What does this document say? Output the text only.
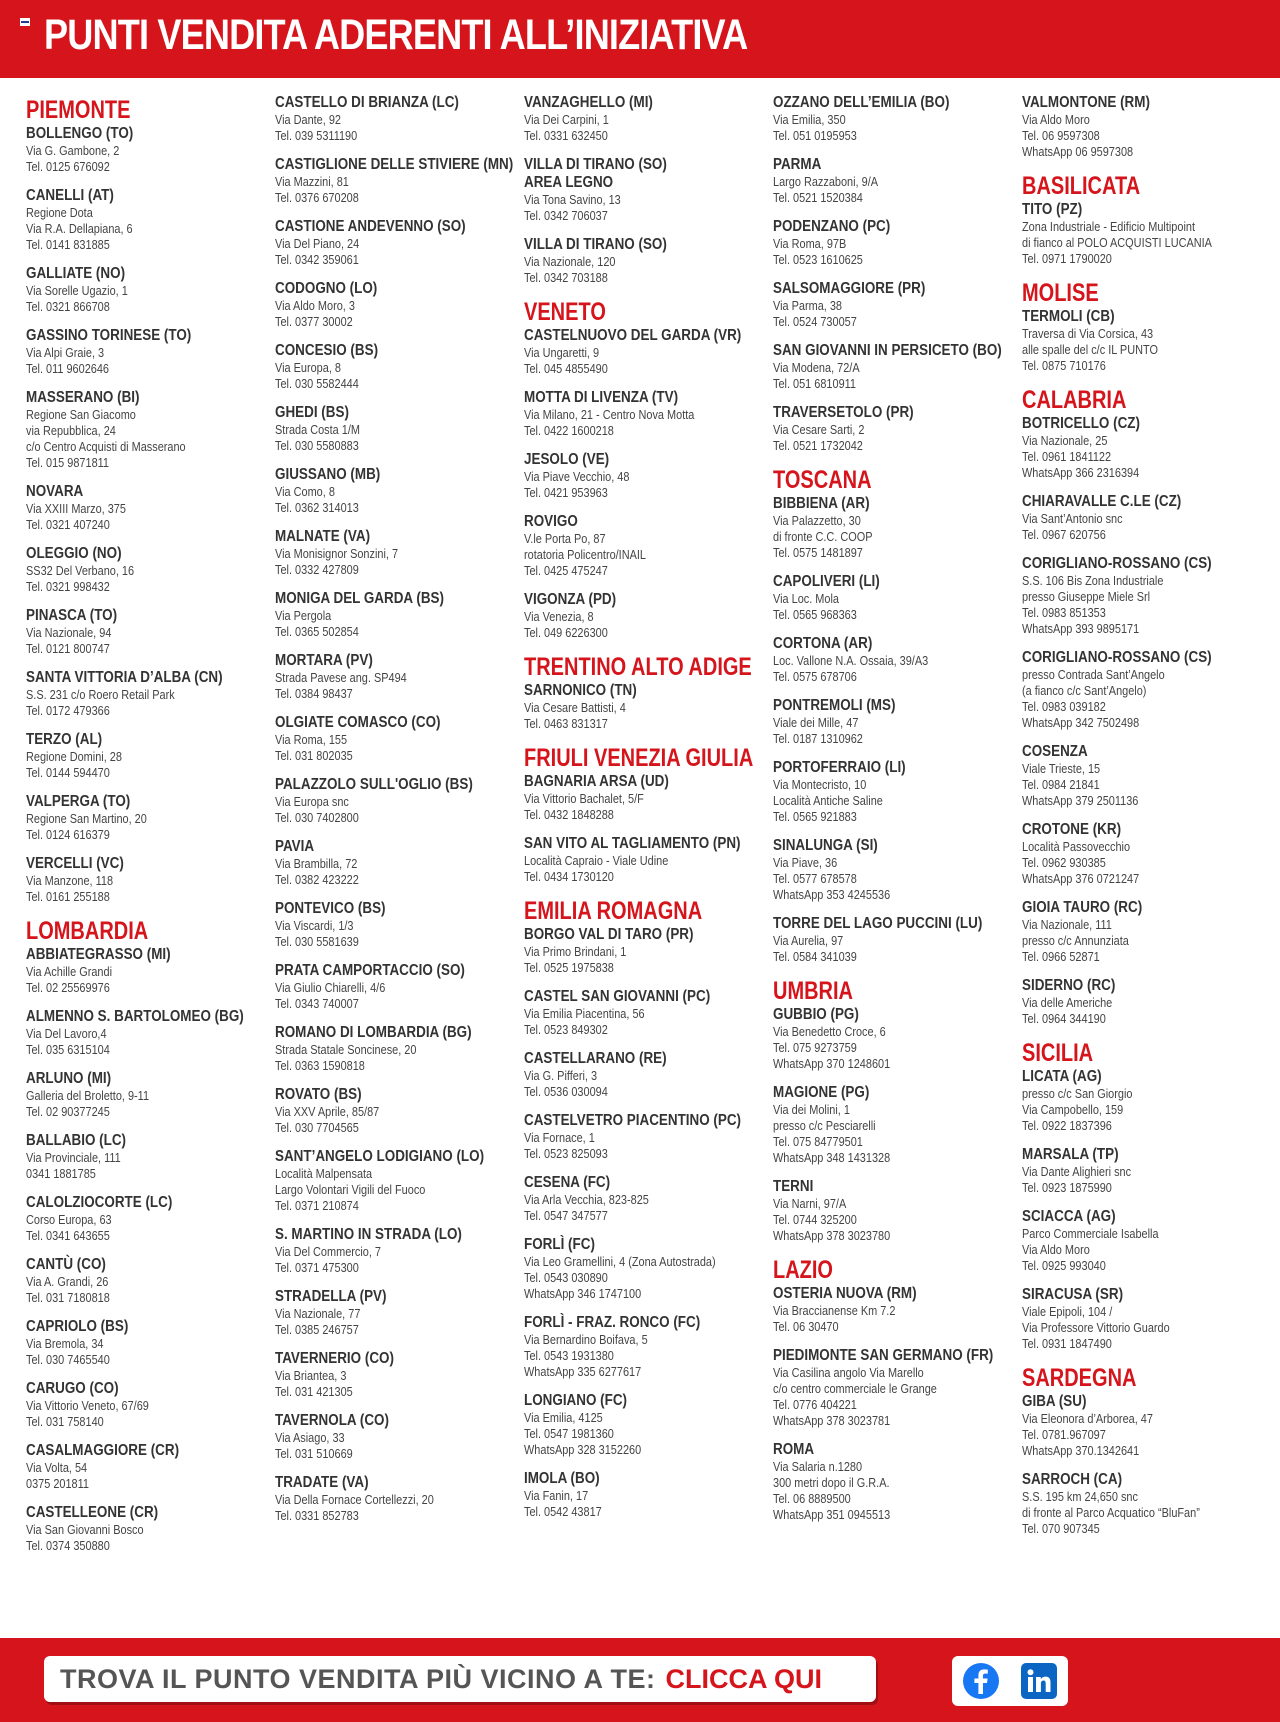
PUNTI VENDITA ADERENTI ALL’INIZIATIVA
PIEMONTE
BOLLENGO (TO)
Via G. Gambone, 2
Tel. 0125 676092
CANELLI (AT)
Regione Dota
Via R.A. Dellapiana, 6
Tel. 0141 831885
GALLIATE (NO)
Via Sorelle Ugazio, 1
Tel. 0321 866708
GASSINO TORINESE (TO)
Via Alpi Graie, 3
Tel. 011 9602646
MASSERANO (BI)
Regione San Giacomo
via Repubblica, 24
c/o Centro Acquisti di Masserano
Tel. 015 9871811
NOVARA
Via XXIII Marzo, 375
Tel. 0321 407240
OLEGGIO (NO)
SS32 Del Verbano, 16
Tel. 0321 998432
PINASCA (TO)
Via Nazionale, 94
Tel. 0121 800747
SANTA VITTORIA D’ALBA (CN)
S.S. 231 c/o Roero Retail Park
Tel. 0172 479366
TERZO (AL)
Regione Domini, 28
Tel. 0144 594470
VALPERGA (TO)
Regione San Martino, 20
Tel. 0124 616379
VERCELLI (VC)
Via Manzone, 118
Tel. 0161 255188
LOMBARDIA
ABBIATEGRASSO (MI)
Via Achille Grandi
Tel. 02 25569976
ALMENNO S. BARTOLOMEO (BG)
Via Del Lavoro,4
Tel. 035 6315104
ARLUNO (MI)
Galleria del Broletto, 9-11
Tel. 02 90377245
BALLABIO (LC)
Via Provinciale, 111
0341 1881785
CALOLZIOCORTE (LC)
Corso Europa, 63
Tel. 0341 643655
CANTÙ (CO)
Via A. Grandi, 26
Tel. 031 7180818
CAPRIOLO (BS)
Via Bremola, 34
Tel. 030 7465540
CARUGO (CO)
Via Vittorio Veneto, 67/69
Tel. 031 758140
CASALMAGGIORE (CR)
Via Volta, 54
0375 201811
CASTELLEONE (CR)
Via San Giovanni Bosco
Tel. 0374 350880
CASTELLO DI BRIANZA (LC)
Via Dante, 92
Tel. 039 5311190
CASTIGLIONE DELLE STIVIERE (MN)
Via Mazzini, 81
Tel. 0376 670208
CASTIONE ANDEVENNO (SO)
Via Del Piano, 24
Tel. 0342 359061
CODOGNO (LO)
Via Aldo Moro, 3
Tel. 0377 30002
CONCESIO (BS)
Via Europa, 8
Tel. 030 5582444
GHEDI (BS)
Strada Costa 1/M
Tel. 030 5580883
GIUSSANO (MB)
Via Como, 8
Tel. 0362 314013
MALNATE (VA)
Via Monisignor Sonzini, 7
Tel. 0332 427809
MONIGA DEL GARDA (BS)
Via Pergola
Tel. 0365 502854
MORTARA (PV)
Strada Pavese ang. SP494
Tel. 0384 98437
OLGIATE COMASCO (CO)
Via Roma, 155
Tel. 031 802035
PALAZZOLO SULL'OGLIO (BS)
Via Europa snc
Tel. 030 7402800
PAVIA
Via Brambilla, 72
Tel. 0382 423222
PONTEVICO (BS)
Via Viscardi, 1/3
Tel. 030 5581639
PRATA CAMPORTACCIO (SO)
Via Giulio Chiarelli, 4/6
Tel. 0343 740007
ROMANO DI LOMBARDIA (BG)
Strada Statale Soncinese, 20
Tel. 0363 1590818
ROVATO (BS)
Via XXV Aprile, 85/87
Tel. 030 7704565
SANT’ANGELO LODIGIANO (LO)
Località Malpensata
Largo Volontari Vigili del Fuoco
Tel. 0371 210874
S. MARTINO IN STRADA (LO)
Via Del Commercio, 7
Tel. 0371 475300
STRADELLA (PV)
Via Nazionale, 77
Tel. 0385 246757
TAVERNERIO (CO)
Via Briantea, 3
Tel. 031 421305
TAVERNOLA (CO)
Via Asiago, 33
Tel. 031 510669
TRADATE (VA)
Via Della Fornace Cortellezzi, 20
Tel. 0331 852783
VANZAGHELLO (MI)
Via Dei Carpini, 1
Tel. 0331 632450
VILLA DI TIRANO (SO)
AREA LEGNO
Via Tona Savino, 13
Tel. 0342 706037
VILLA DI TIRANO (SO)
Via Nazionale, 120
Tel. 0342 703188
VENETO
CASTELNUOVO DEL GARDA (VR)
Via Ungaretti, 9
Tel. 045 4855490
MOTTA DI LIVENZA (TV)
Via Milano, 21 - Centro Nova Motta
Tel. 0422 1600218
JESOLO (VE)
Via Piave Vecchio, 48
Tel. 0421 953963
ROVIGO
V.le Porta Po, 87
rotatoria Policentro/INAIL
Tel. 0425 475247
VIGONZA (PD)
Via Venezia, 8
Tel. 049 6226300
TRENTINO ALTO ADIGE
SARNONICO (TN)
Via Cesare Battisti, 4
Tel. 0463 831317
FRIULI VENEZIA GIULIA
BAGNARIA ARSA (UD)
Via Vittorio Bachalet, 5/F
Tel. 0432 1848288
SAN VITO AL TAGLIAMENTO (PN)
Località Capraio - Viale Udine
Tel. 0434 1730120
EMILIA ROMAGNA
BORGO VAL DI TARO (PR)
Via Primo Brindani, 1
Tel. 0525 1975838
CASTEL SAN GIOVANNI (PC)
Via Emilia Piacentina, 56
Tel. 0523 849302
CASTELLARANO (RE)
Via G. Pifferi, 3
Tel. 0536 030094
CASTELVETRO PIACENTINO (PC)
Via Fornace, 1
Tel. 0523 825093
CESENA (FC)
Via Arla Vecchia, 823-825
Tel. 0547 347577
FORLÌ (FC)
Via Leo Gramellini, 4 (Zona Autostrada)
Tel. 0543 030890
WhatsApp 346 1747100
FORLÌ - FRAZ. RONCO (FC)
Via Bernardino Boifava, 5
Tel. 0543 1931380
WhatsApp 335 6277617
LONGIANO (FC)
Via Emilia, 4125
Tel. 0547 1981360
WhatsApp 328 3152260
IMOLA (BO)
Via Fanin, 17
Tel. 0542 43817
OZZANO DELL’EMILIA (BO)
Via Emilia, 350
Tel. 051 0195953
PARMA
Largo Razzaboni, 9/A
Tel. 0521 1520384
PODENZANO (PC)
Via Roma, 97B
Tel. 0523 1610625
SALSOMAGGIORE (PR)
Via Parma, 38
Tel. 0524 730057
SAN GIOVANNI IN PERSICETO (BO)
Via Modena, 72/A
Tel. 051 6810911
TRAVERSETOLO (PR)
Via Cesare Sarti, 2
Tel. 0521 1732042
TOSCANA
BIBBIENA (AR)
Via Palazzetto, 30
di fronte C.C. COOP
Tel. 0575 1481897
CAPOLIVERI (LI)
Via Loc. Mola
Tel. 0565 968363
CORTONA (AR)
Loc. Vallone N.A. Ossaia, 39/A3
Tel. 0575 678706
PONTREMOLI (MS)
Viale dei Mille, 47
Tel. 0187 1310962
PORTOFERRAIO (LI)
Via Montecristo, 10
Località Antiche Saline
Tel. 0565 921883
SINALUNGA (SI)
Via Piave, 36
Tel. 0577 678578
WhatsApp 353 4245536
TORRE DEL LAGO PUCCINI (LU)
Via Aurelia, 97
Tel. 0584 341039
UMBRIA
GUBBIO (PG)
Via Benedetto Croce, 6
Tel. 075 9273759
WhatsApp 370 1248601
MAGIONE (PG)
Via dei Molini, 1
presso c/c Pesciarelli
Tel. 075 84779501
WhatsApp 348 1431328
TERNI
Via Narni, 97/A
Tel. 0744 325200
WhatsApp 378 3023780
LAZIO
OSTERIA NUOVA (RM)
Via Braccianense Km 7.2
Tel. 06 30470
PIEDIMONTE SAN GERMANO (FR)
Via Casilina angolo Via Marello
c/o centro commerciale le Grange
Tel. 0776 404221
WhatsApp 378 3023781
ROMA
Via Salaria n.1280
300 metri dopo il G.R.A.
Tel. 06 8889500
WhatsApp 351 0945513
VALMONTONE (RM)
Via Aldo Moro
Tel. 06 9597308
WhatsApp 06 9597308
BASILICATA
TITO (PZ)
Zona Industriale - Edificio Multipoint
di fianco al POLO ACQUISTI LUCANIA
Tel. 0971 1790020
MOLISE
TERMOLI (CB)
Traversa di Via Corsica, 43
alle spalle del c/c IL PUNTO
Tel. 0875 710176
CALABRIA
BOTRICELLO (CZ)
Via Nazionale, 25
Tel. 0961 1841122
WhatsApp 366 2316394
CHIARAVALLE C.LE (CZ)
Via Sant’Antonio snc
Tel. 0967 620756
CORIGLIANO-ROSSANO (CS)
S.S. 106 Bis Zona Industriale
presso Giuseppe Miele Srl
Tel. 0983 851353
WhatsApp 393 9895171
CORIGLIANO-ROSSANO (CS)
presso Contrada Sant’Angelo
(a fianco c/c Sant’Angelo)
Tel. 0983 039182
WhatsApp 342 7502498
COSENZA
Viale Trieste, 15
Tel. 0984 21841
WhatsApp 379 2501136
CROTONE (KR)
Località Passovecchio
Tel. 0962 930385
WhatsApp 376 0721247
GIOIA TAURO (RC)
Via Nazionale, 111
presso c/c Annunziata
Tel. 0966 52871
SIDERNO (RC)
Via delle Americhe
Tel. 0964 344190
SICILIA
LICATA (AG)
presso c/c San Giorgio
Via Campobello, 159
Tel. 0922 1837396
MARSALA (TP)
Via Dante Alighieri snc
Tel. 0923 1875990
SCIACCA (AG)
Parco Commerciale Isabella
Via Aldo Moro
Tel. 0925 993040
SIRACUSA (SR)
Viale Epipoli, 104 /
Via Professore Vittorio Guardo
Tel. 0931 1847490
SARDEGNA
GIBA (SU)
Via Eleonora d’Arborea, 47
Tel. 0781.967097
WhatsApp 370.1342641
SARROCH (CA)
S.S. 195 km 24,650 snc
di fronte al Parco Acquatico “BluFan”
Tel. 070 907345
TROVA IL PUNTO VENDITA PIÙ VICINO A TE: CLICCA QUI
